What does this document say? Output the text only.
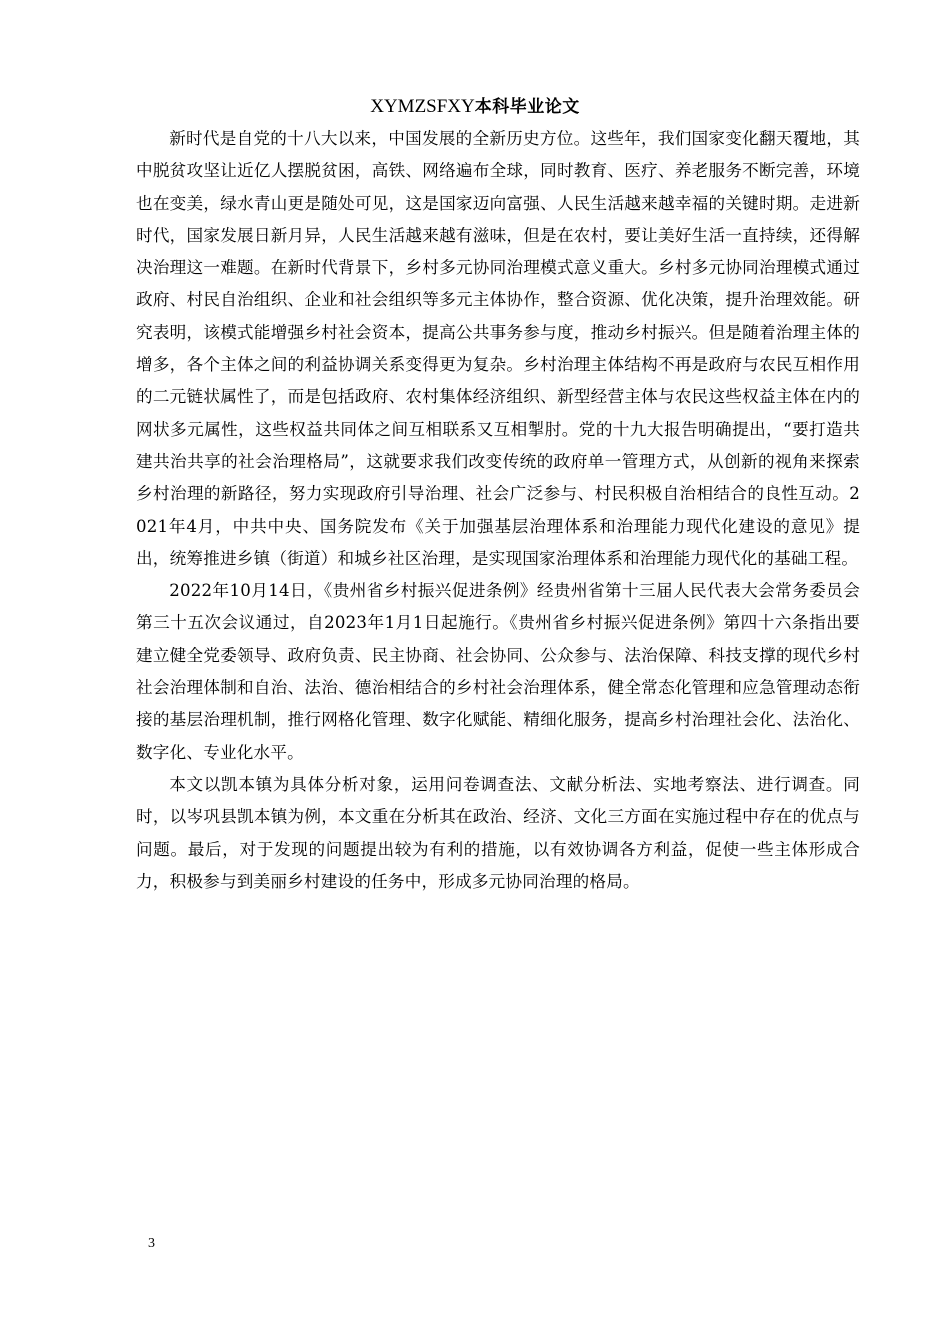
XYMZSFXY本科毕业论文

新时代是自党的十八大以来，中国发展的全新历史方位。这些年，我们国家变化翻天覆地，其中脱贫攻坚让近亿人摆脱贫困，高铁、网络遍布全球，同时教育、医疗、养老服务不断完善，环境也在变美，绿水青山更是随处可见，这是国家迈向富强、人民生活越来越幸福的关键时期。走进新时代，国家发展日新月异，人民生活越来越有滋味，但是在农村，要让美好生活一直持续，还得解决治理这一难题。在新时代背景下，乡村多元协同治理模式意义重大。乡村多元协同治理模式通过政府、村民自治组织、企业和社会组织等多元主体协作，整合资源、优化决策，提升治理效能。研究表明，该模式能增强乡村社会资本，提高公共事务参与度，推动乡村振兴。但是随着治理主体的增多，各个主体之间的利益协调关系变得更为复杂。乡村治理主体结构不再是政府与农民互相作用的二元链状属性了，而是包括政府、农村集体经济组织、新型经营主体与农民这些权益主体在内的网状多元属性，这些权益共同体之间互相联系又互相掣肘。党的十九大报告明确提出，“要打造共建共治共享的社会治理格局”，这就要求我们改变传统的政府单一管理方式，从创新的视角来探索乡村治理的新路径，努力实现政府引导治理、社会广泛参与、村民积极自治相结合的良性互动。2021年4月，中共中央、国务院发布《关于加强基层治理体系和治理能力现代化建设的意见》提出，统筹推进乡镇（街道）和城乡社区治理，是实现国家治理体系和治理能力现代化的基础工程。

2022年10月14日，《贵州省乡村振兴促进条例》经贵州省第十三届人民代表大会常务委员会第三十五次会议通过，自2023年1月1日起施行。《贵州省乡村振兴促进条例》第四十六条指出要建立健全党委领导、政府负责、民主协商、社会协同、公众参与、法治保障、科技支撑的现代乡村社会治理体制和自治、法治、德治相结合的乡村社会治理体系，健全常态化管理和应急管理动态衔接的基层治理机制，推行网格化管理、数字化赋能、精细化服务，提高乡村治理社会化、法治化、数字化、专业化水平。

本文以凯本镇为具体分析对象，运用问卷调查法、文献分析法、实地考察法、进行调查。同时，以岑巩县凯本镇为例，本文重在分析其在政治、经济、文化三方面在实施过程中存在的优点与问题。最后，对于发现的问题提出较为有利的措施，以有效协调各方利益，促使一些主体形成合力，积极参与到美丽乡村建设的任务中，形成多元协同治理的格局。

3
